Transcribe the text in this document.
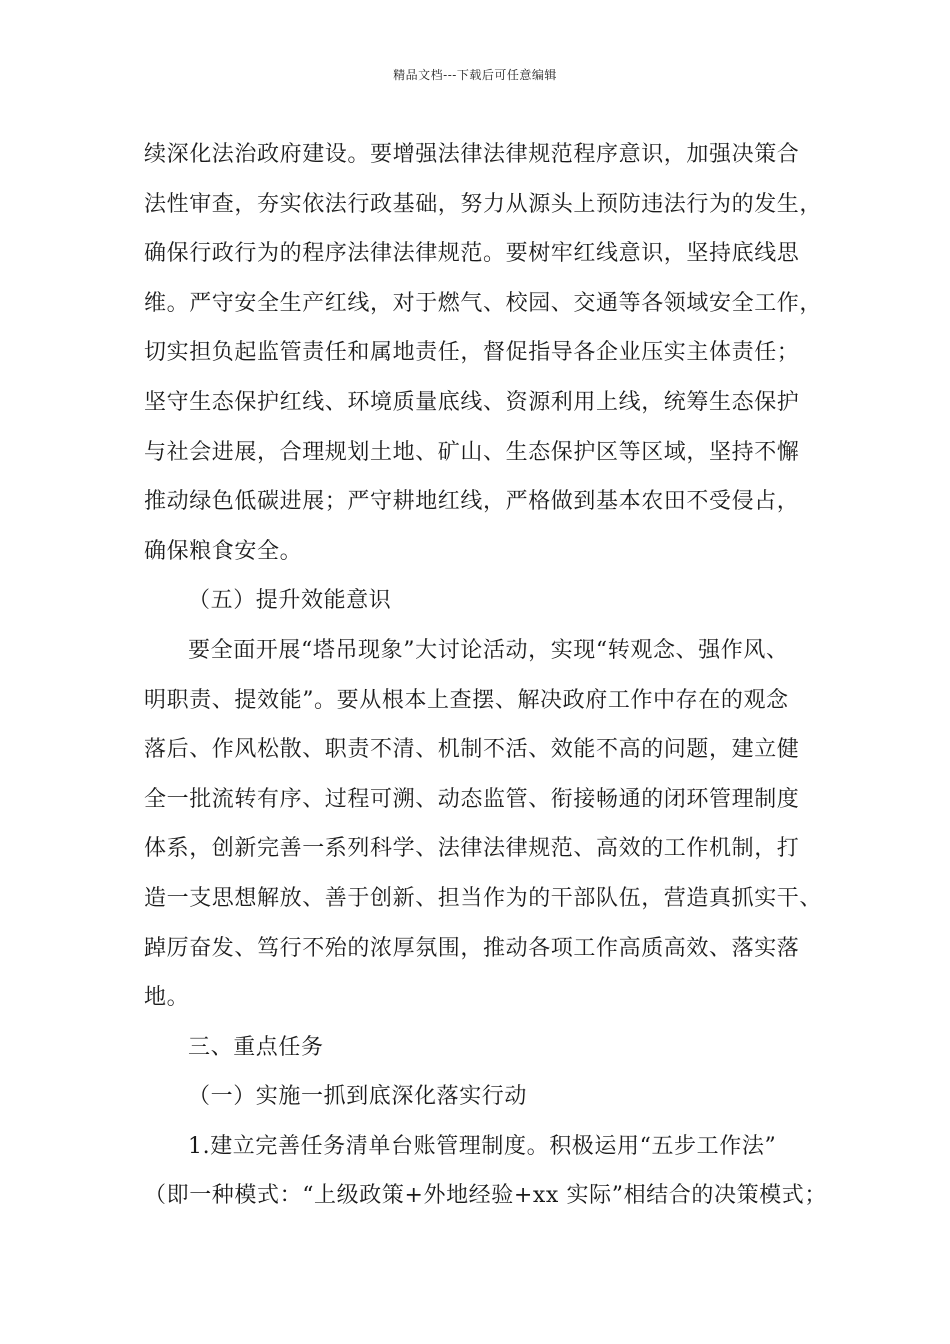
精品文档---下载后可任意编辑
续深化法治政府建设。要增强法律法律规范程序意识，加强决策合
法性审查，夯实依法行政基础，努力从源头上预防违法行为的发生，
确保行政行为的程序法律法律规范。要树牢红线意识，坚持底线思
维。严守安全生产红线，对于燃气、校园、交通等各领域安全工作，
切实担负起监管责任和属地责任，督促指导各企业压实主体责任；
坚守生态保护红线、环境质量底线、资源利用上线，统筹生态保护
与社会进展，合理规划土地、矿山、生态保护区等区域，坚持不懈
推动绿色低碳进展；严守耕地红线，严格做到基本农田不受侵占，
确保粮食安全。
（五）提升效能意识
要全面开展“塔吊现象”大讨论活动，实现“转观念、强作风、
明职责、提效能”。要从根本上查摆、解决政府工作中存在的观念
落后、作风松散、职责不清、机制不活、效能不高的问题，建立健
全一批流转有序、过程可溯、动态监管、衔接畅通的闭环管理制度
体系，创新完善一系列科学、法律法律规范、高效的工作机制，打
造一支思想解放、善于创新、担当作为的干部队伍，营造真抓实干、
踔厉奋发、笃行不殆的浓厚氛围，推动各项工作高质高效、落实落
地。
三、重点任务
（一）实施一抓到底深化落实行动
1.建立完善任务清单台账管理制度。积极运用“五步工作法”
（即一种模式：“上级政策+外地经验+xx 实际”相结合的决策模式；
